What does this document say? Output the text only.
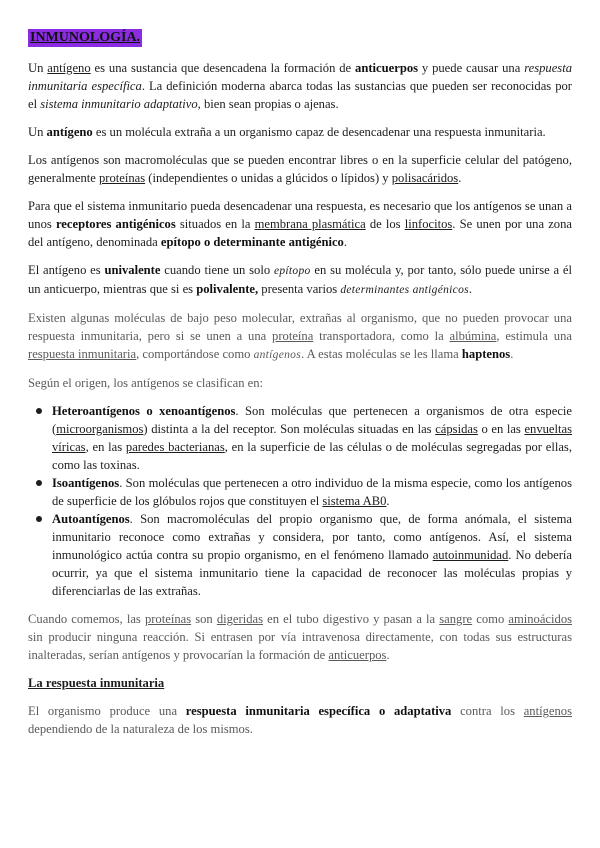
INMUNOLOGÍA.

Un antígeno es una sustancia que desencadena la formación de anticuerpos y puede causar una respuesta inmunitaria específica. La definición moderna abarca todas las sustancias que pueden ser reconocidas por el sistema inmunitario adaptativo, bien sean propias o ajenas.

Un antígeno es un molécula extraña a un organismo capaz de desencadenar una respuesta inmunitaria.

Los antígenos son macromoléculas que se pueden encontrar libres o en la superficie celular del patógeno, generalmente proteínas (independientes o unidas a glúcidos o lípidos) y polisacáridos.

Para que el sistema inmunitario pueda desencadenar una respuesta, es necesario que los antígenos se unan a unos receptores antigénicos situados en la membrana plasmática de los linfocitos. Se unen por una zona del antígeno, denominada epítopo o determinante antigénico.

El antígeno es univalente cuando tiene un solo epítopo en su molécula y, por tanto, sólo puede unirse a él un anticuerpo, mientras que si es polivalente, presenta varios determinantes antigénicos.

Existen algunas moléculas de bajo peso molecular, extrañas al organismo, que no pueden provocar una respuesta inmunitaria, pero si se unen a una proteína transportadora, como la albúmina, estimula una respuesta inmunitaria, comportándose como antígenos. A estas moléculas se les llama haptenos.

Según el origen, los antígenos se clasifican en:

Heteroantígenos o xenoantígenos. Son moléculas que pertenecen a organismos de otra especie (microorganismos) distinta a la del receptor. Son moléculas situadas en las cápsidas o en las envueltas víricas, en las paredes bacterianas, en la superficie de las células o de moléculas segregadas por ellas, como las toxinas.
Isoantígenos. Son moléculas que pertenecen a otro individuo de la misma especie, como los antígenos de superficie de los glóbulos rojos que constituyen el sistema AB0.
Autoantígenos. Son macromoléculas del propio organismo que, de forma anómala, el sistema inmunitario reconoce como extrañas y considera, por tanto, como antígenos. Así, el sistema inmunológico actúa contra su propio organismo, en el fenómeno llamado autoinmunidad. No debería ocurrir, ya que el sistema inmunitario tiene la capacidad de reconocer las moléculas propias y diferenciarlas de las extrañas.

Cuando comemos, las proteínas son digeridas en el tubo digestivo y pasan a la sangre como aminoácidos sin producir ninguna reacción. Si entrasen por vía intravenosa directamente, con todas sus estructuras inalteradas, serían antígenos y provocarían la formación de anticuerpos.

La respuesta inmunitaria

El organismo produce una respuesta inmunitaria específica o adaptativa contra los antígenos dependiendo de la naturaleza de los mismos.
